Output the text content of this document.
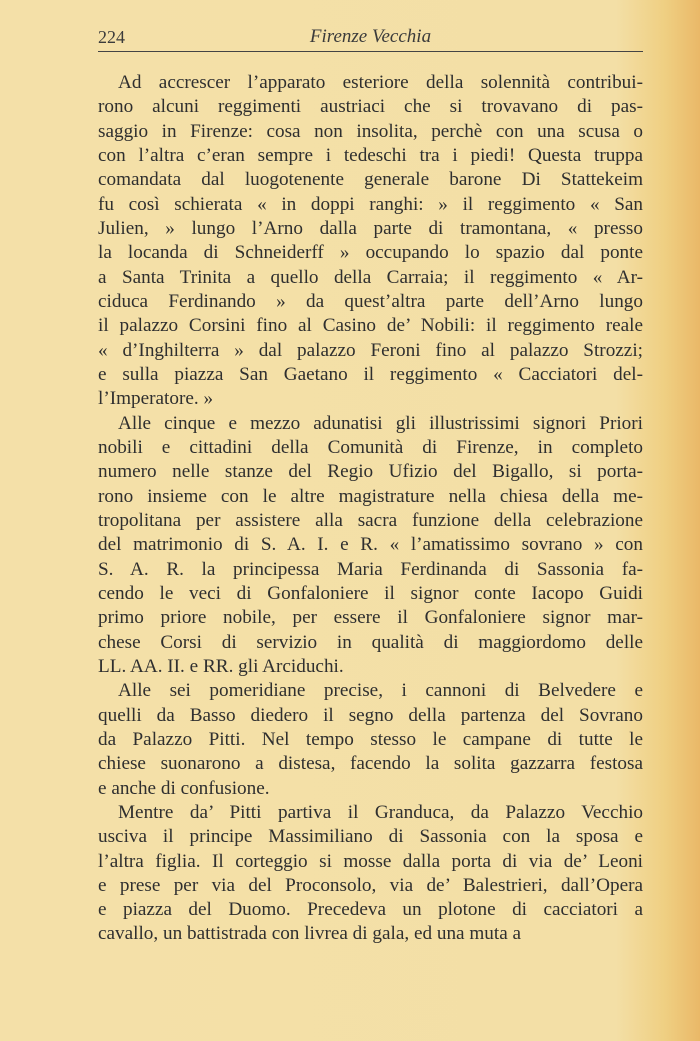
224	Firenze Vecchia
Ad accrescer l’apparato esteriore della solennità contribui-
rono alcuni reggimenti austriaci che si trovavano di pas-
saggio in Firenze: cosa non insolita, perchè con una scusa o
con l’altra c’eran sempre i tedeschi tra i piedi! Questa truppa
comandata dal luogotenente generale barone Di Stattekeim
fu così schierata « in doppi ranghi: » il reggimento « San
Julien, » lungo l’Arno dalla parte di tramontana, « presso
la locanda di Schneiderff » occupando lo spazio dal ponte
a Santa Trinita a quello della Carraia; il reggimento « Ar-
ciduca Ferdinando » da quest’altra parte dell’Arno lungo
il palazzo Corsini fino al Casino de’ Nobili: il reggimento reale
« d’Inghilterra » dal palazzo Feroni fino al palazzo Strozzi;
e sulla piazza San Gaetano il reggimento « Cacciatori del-
l’Imperatore. »
Alle cinque e mezzo adunatisi gli illustrissimi signori Priori
nobili e cittadini della Comunità di Firenze, in completo
numero nelle stanze del Regio Ufizio del Bigallo, si porta-
rono insieme con le altre magistrature nella chiesa della me-
tropolitana per assistere alla sacra funzione della celebrazione
del matrimonio di S. A. I. e R. « l’amatissimo sovrano » con
S. A. R. la principessa Maria Ferdinanda di Sassonia fa-
cendo le veci di Gonfaloniere il signor conte Iacopo Guidi
primo priore nobile, per essere il Gonfaloniere signor mar-
chese Corsi di servizio in qualità di maggiordomo delle
LL. AA. II. e RR. gli Arciduchi.
Alle sei pomeridiane precise, i cannoni di Belvedere e
quelli da Basso diedero il segno della partenza del Sovrano
da Palazzo Pitti. Nel tempo stesso le campane di tutte le
chiese suonarono a distesa, facendo la solita gazzarra festosa
e anche di confusione.
Mentre da’ Pitti partiva il Granduca, da Palazzo Vecchio
usciva il principe Massimiliano di Sassonia con la sposa e
l’altra figlia. Il corteggio si mosse dalla porta di via de’ Leoni
e prese per via del Proconsolo, via de’ Balestrieri, dall’Opera
e piazza del Duomo. Precedeva un plotone di cacciatori a
cavallo, un battistrada con livrea di gala, ed una muta a
